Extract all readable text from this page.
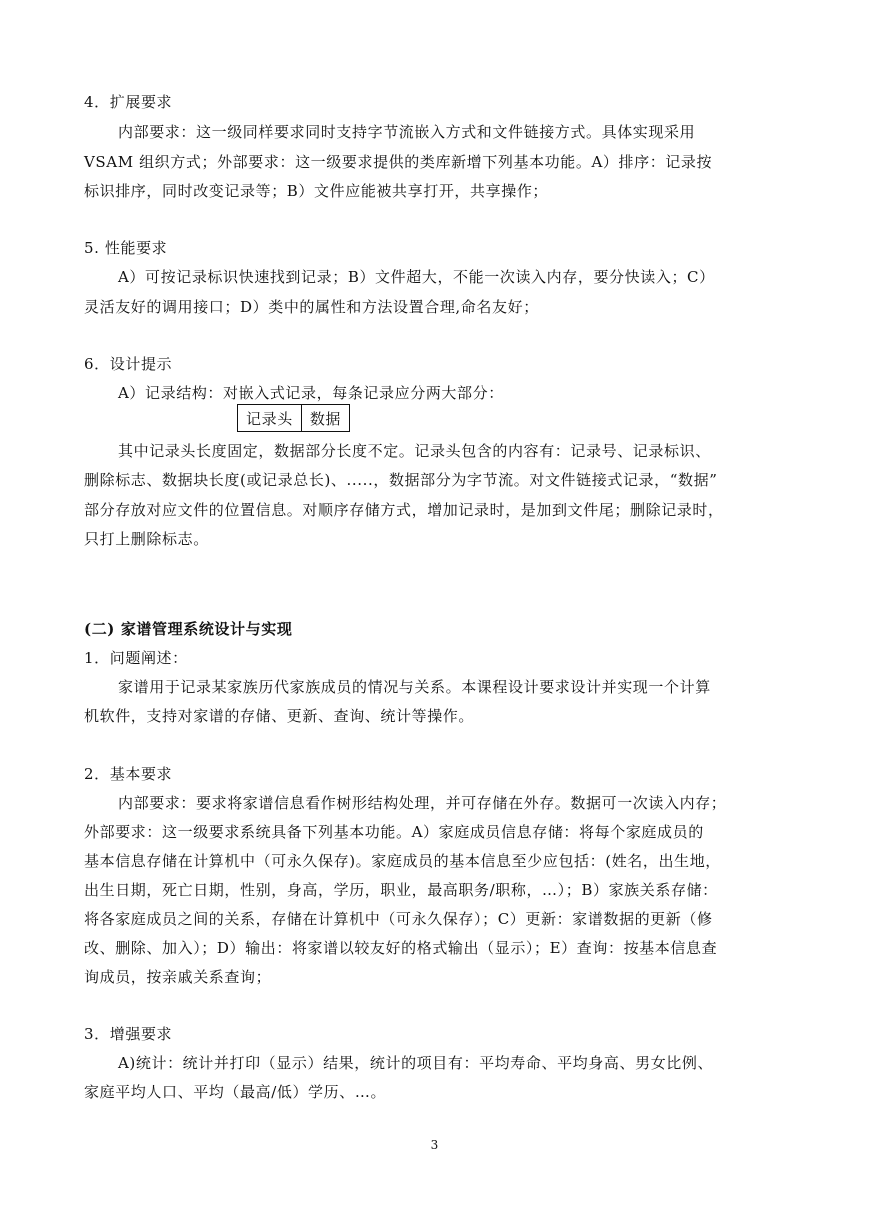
4．扩展要求
内部要求：这一级同样要求同时支持字节流嵌入方式和文件链接方式。具体实现采用
VSAM 组织方式；外部要求：这一级要求提供的类库新增下列基本功能。A）排序：记录按
标识排序，同时改变记录等；B）文件应能被共享打开，共享操作；
5. 性能要求
A）可按记录标识快速找到记录；B）文件超大，不能一次读入内存，要分快读入；C）
灵活友好的调用接口；D）类中的属性和方法设置合理,命名友好；
6．设计提示
A）记录结构：对嵌入式记录，每条记录应分两大部分：
记录头	数据
其中记录头长度固定，数据部分长度不定。记录头包含的内容有：记录号、记录标识、
删除标志、数据块长度(或记录总长)、.....，数据部分为字节流。对文件链接式记录，“数据”
部分存放对应文件的位置信息。对顺序存储方式，增加记录时，是加到文件尾；删除记录时，
只打上删除标志。
(二) 家谱管理系统设计与实现
1．问题阐述：
家谱用于记录某家族历代家族成员的情况与关系。本课程设计要求设计并实现一个计算
机软件，支持对家谱的存储、更新、查询、统计等操作。
2．基本要求
内部要求：要求将家谱信息看作树形结构处理，并可存储在外存。数据可一次读入内存；
外部要求：这一级要求系统具备下列基本功能。A）家庭成员信息存储：将每个家庭成员的
基本信息存储在计算机中（可永久保存)。家庭成员的基本信息至少应包括：(姓名，出生地，
出生日期，死亡日期，性别，身高，学历，职业，最高职务/职称，…）；B）家族关系存储：
将各家庭成员之间的关系，存储在计算机中（可永久保存）；C）更新：家谱数据的更新（修
改、删除、加入）；D）输出：将家谱以较友好的格式输出（显示）；E）查询：按基本信息查
询成员，按亲戚关系查询；
3．增强要求
A)统计：统计并打印（显示）结果，统计的项目有：平均寿命、平均身高、男女比例、
家庭平均人口、平均（最高/低）学历、…。
3
